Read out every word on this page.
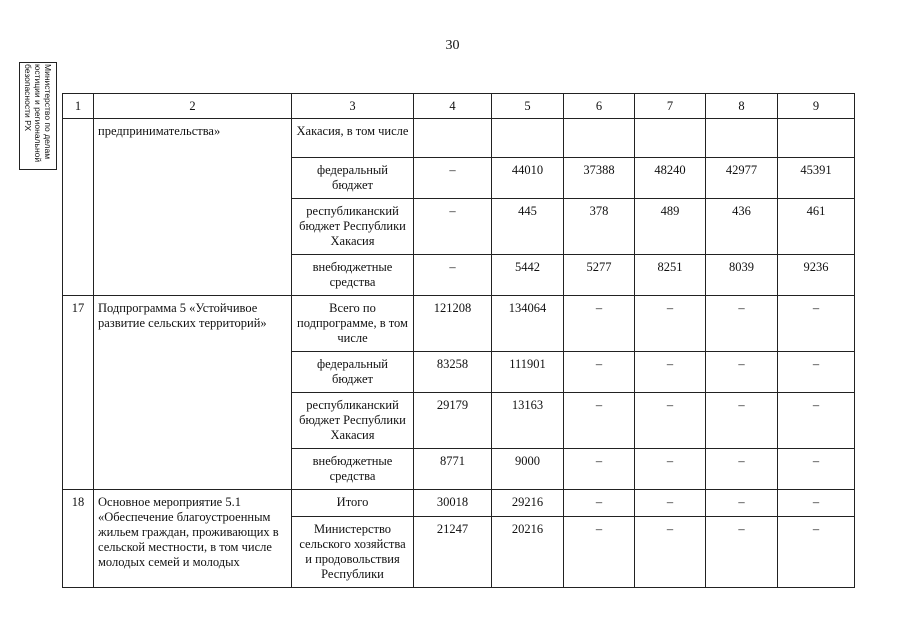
30
Министерство по делам
юстиции и региональной
безопасности РХ	1	2	3	4	5	6	7	8	9
	предпринимательства»	Хакасия, в том числе						
		федеральный бюджет	–	44010	37388	48240	42977	45391
		республиканский бюджет Республики Хакасия	–	445	378	489	436	461
		внебюджетные средства	–	5442	5277	8251	8039	9236
17	Подпрограмма 5 «Устойчивое развитие сельских территорий»	Всего по подпрограмме, в том числе	121208	134064	–	–	–	–
		федеральный бюджет	83258	111901	–	–	–	–
		республиканский бюджет Республики Хакасия	29179	13163	–	–	–	–
		внебюджетные средства	8771	9000	–	–	–	–
18	Основное мероприятие 5.1 «Обеспечение благоустроенным жильем граждан, проживающих в сельской местности, в том числе молодых семей и молодых	Итого	30018	29216	–	–	–	–
		Министерство сельского хозяйства и продовольствия Республики	21247	20216	–	–	–	–
